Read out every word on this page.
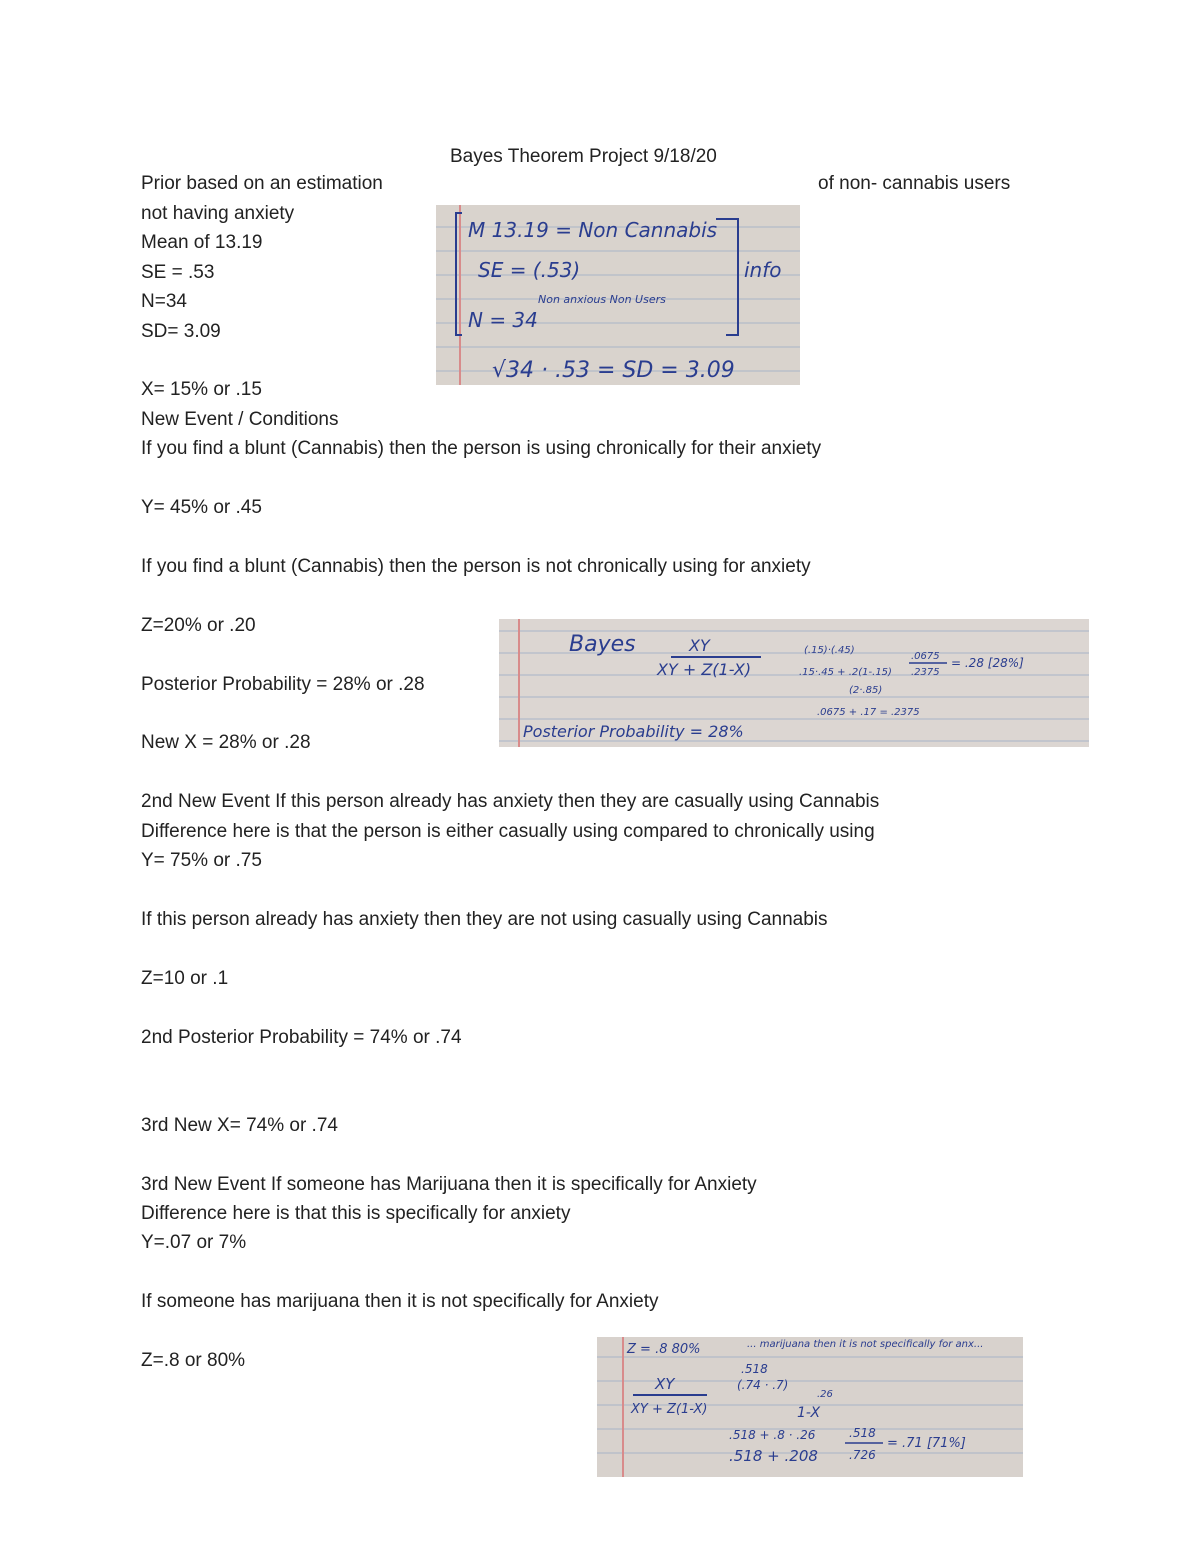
Bayes Theorem Project 9/18/20
Prior based on an estimation	of non- cannabis users
not having anxiety
Mean of 13.19
SE = .53
N=34
SD= 3.09
X= 15% or .15
New Event / Conditions
If you find a blunt (Cannabis) then the person is using chronically for their anxiety
Y= 45% or .45
If you find a blunt (Cannabis) then the person is not chronically using for anxiety
Z=20% or .20
Posterior Probability = 28% or .28
New X = 28% or .28
2nd New Event If this person already has anxiety then they are casually using Cannabis
Difference here is that the person is either casually using compared to chronically using
Y= 75% or .75
If this person already has anxiety then they are not using casually using Cannabis
Z=10 or .1
2nd Posterior Probability = 74% or .74
3rd New X= 74% or .74
3rd New Event If someone has Marijuana then it is specifically for Anxiety
Difference here is that this is specifically for anxiety
Y=.07 or 7%
If someone has marijuana then it is not specifically for Anxiety
Z=.8 or 80%
M 13.19 = Non Cannabis
SE = (.53)	info
N = 34
Non anxious Non Users
√34 · .53 = SD = 3.09
Bayes	XY
XY + Z(1-X)
(.15)·(.45)
.15·.45 + .2(1-.15)
(2·.85)
.0675 + .17 = .2375
.0675
.2375
= .28 [28%]
Posterior Probability = 28%
... marijuana then it is not specifically for anx...
Z = .8 80%
XY
XY + Z(1-X)
.518
(.74 · .7)
.26
1-X
.518 + .8 · .26
.518 + .208
.518
.726
= .71 [71%]
